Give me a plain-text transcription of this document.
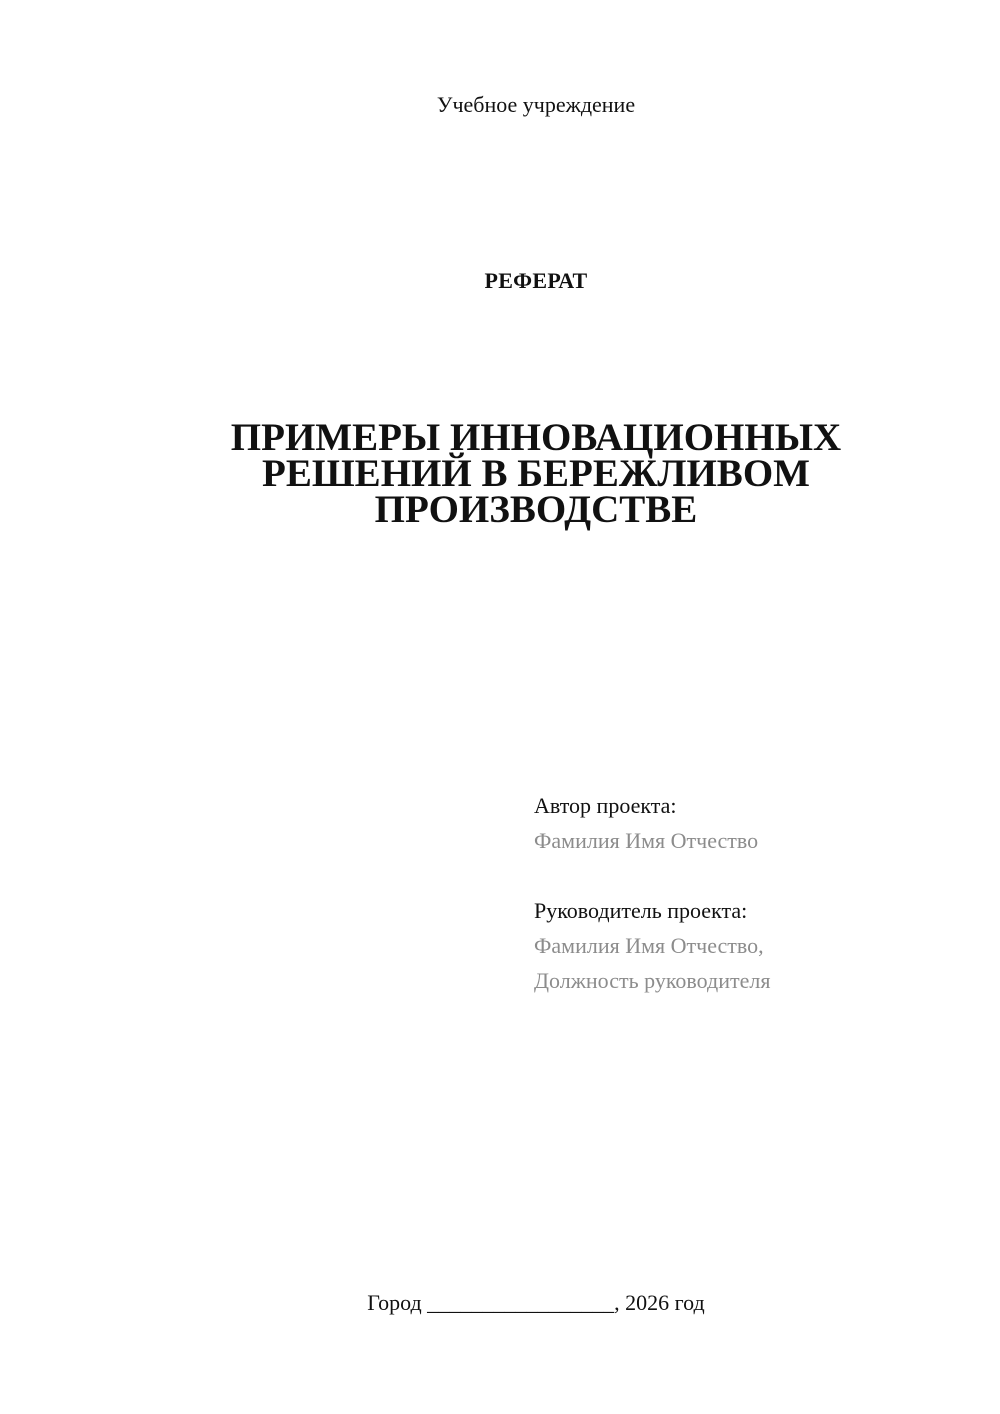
Учебное учреждение
РЕФЕРАТ
ПРИМЕРЫ ИННОВАЦИОННЫХ
РЕШЕНИЙ В БЕРЕЖЛИВОМ
ПРОИЗВОДСТВЕ
Автор проекта:
Фамилия Имя Отчество
Руководитель проекта:
Фамилия Имя Отчество,
Должность руководителя
Город _________________, 2026 год
